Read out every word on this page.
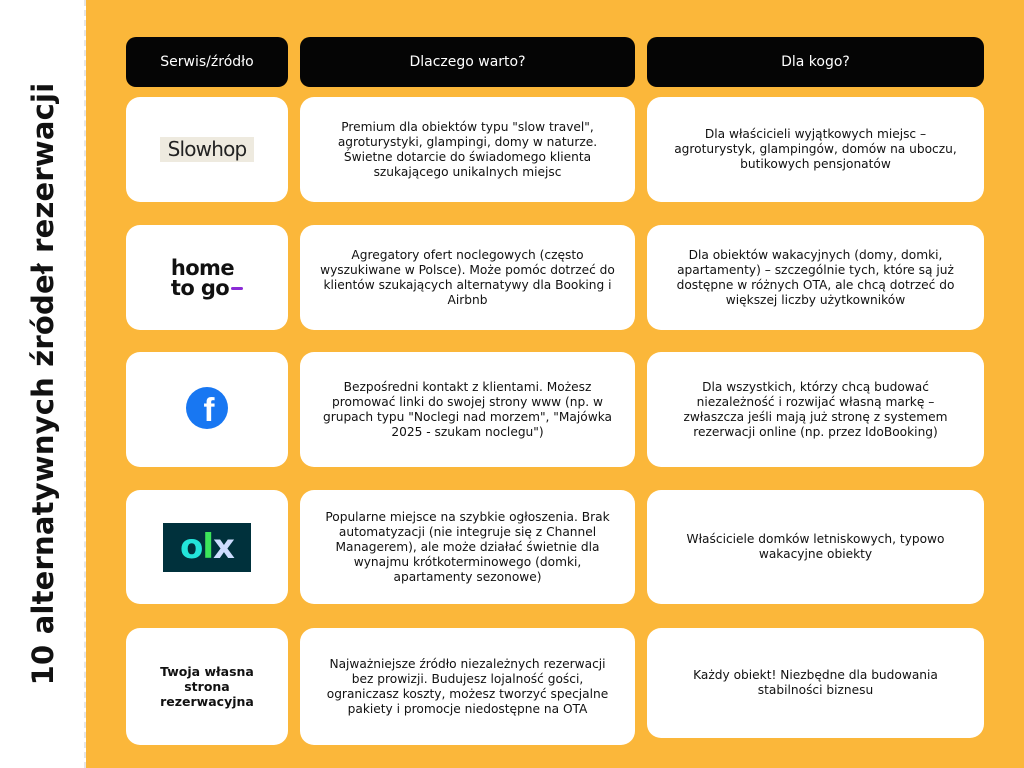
10 alternatywnych źródeł rezerwacji
Serwis/źródło	Dlaczego warto?	Dla kogo?
Slowhop
Premium dla obiektów typu "slow travel", agroturystyki, glampingi, domy w naturze. Świetne dotarcie do świadomego klienta szukającego unikalnych miejsc
Dla właścicieli wyjątkowych miejsc – agroturystyk, glampingów, domów na uboczu, butikowych pensjonatów
home
to go
Agregatory ofert noclegowych (często wyszukiwane w Polsce). Może pomóc dotrzeć do klientów szukających alternatywy dla Booking i Airbnb
Dla obiektów wakacyjnych (domy, domki, apartamenty) – szczególnie tych, które są już dostępne w różnych OTA, ale chcą dotrzeć do większej liczby użytkowników
f
Bezpośredni kontakt z klientami. Możesz promować linki do swojej strony www (np. w grupach typu "Noclegi nad morzem", "Majówka 2025 - szukam noclegu")
Dla wszystkich, którzy chcą budować niezależność i rozwijać własną markę – zwłaszcza jeśli mają już stronę z systemem rezerwacji online (np. przez IdoBooking)
o l x
Popularne miejsce na szybkie ogłoszenia. Brak automatyzacji (nie integruje się z Channel Managerem), ale może działać świetnie dla wynajmu krótkoterminowego (domki, apartamenty sezonowe)
Właściciele domków letniskowych, typowo wakacyjne obiekty
Twoja własna strona rezerwacyjna
Najważniejsze źródło niezależnych rezerwacji bez prowizji. Budujesz lojalność gości, ograniczasz koszty, możesz tworzyć specjalne pakiety i promocje niedostępne na OTA
Każdy obiekt! Niezbędne dla budowania stabilności biznesu
